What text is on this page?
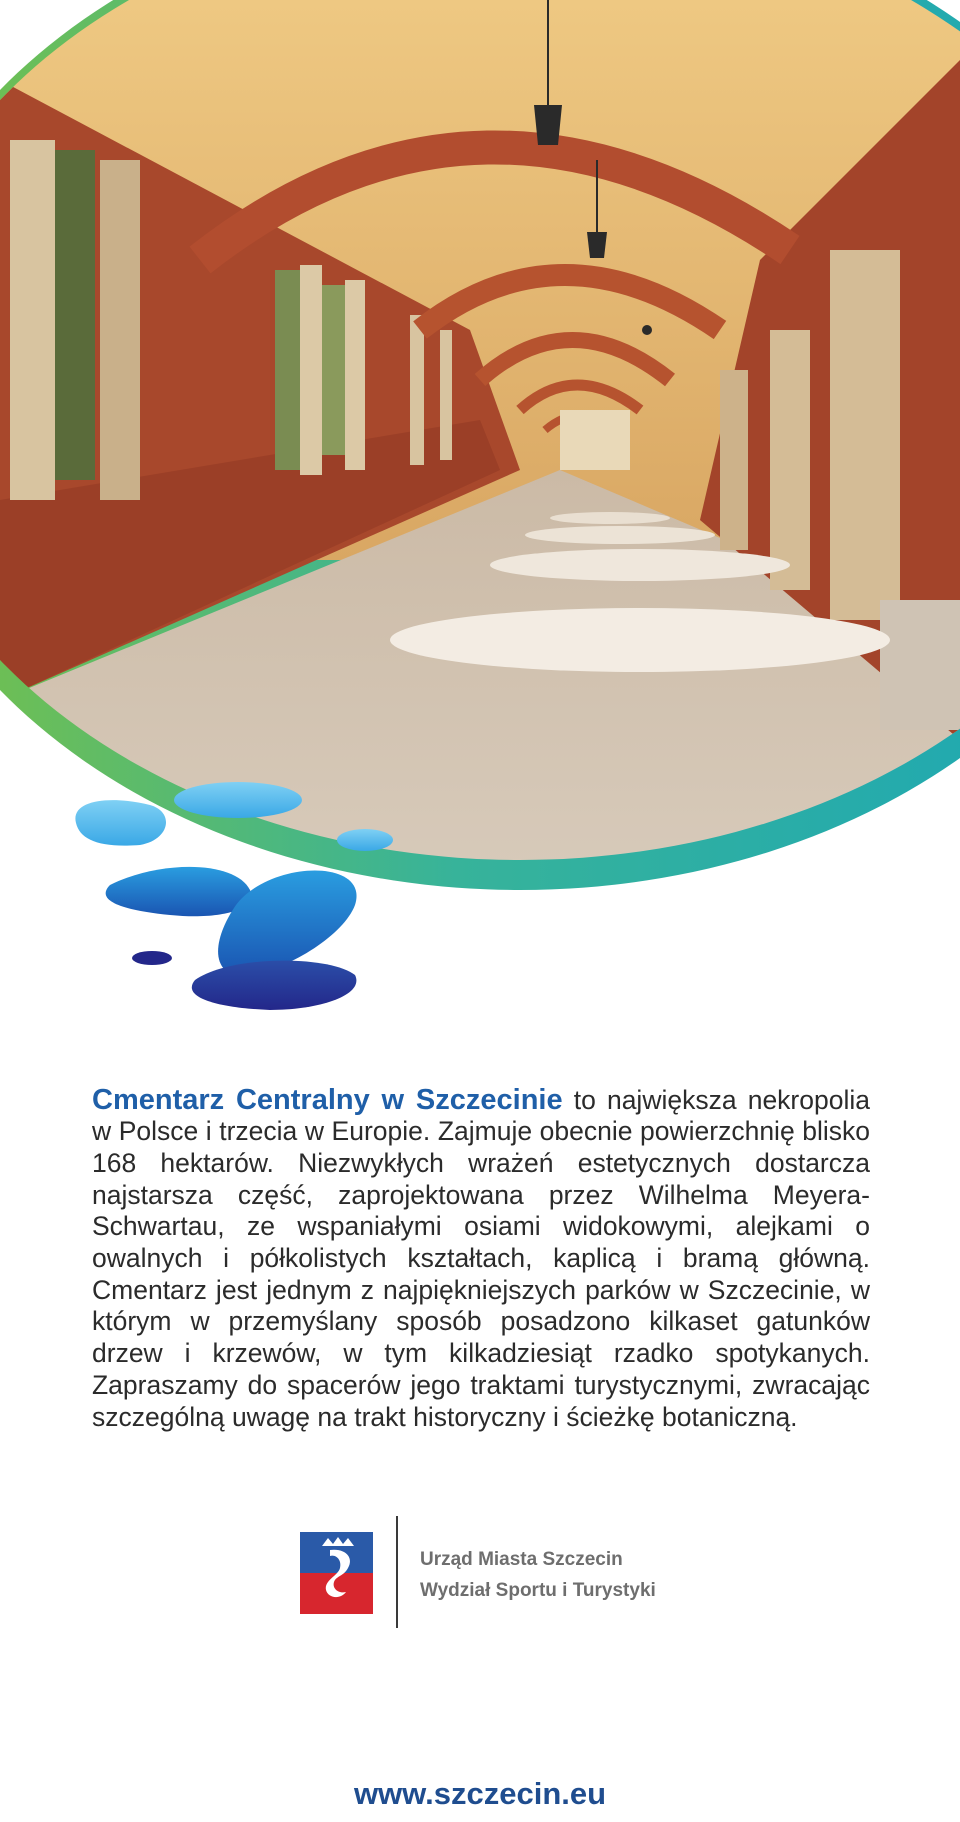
Cmentarz Centralny w Szczecinie to największa nekropolia w Polsce i trzecia w Europie. Zajmuje obecnie powierzchnię blisko 168 hektarów. Niezwykłych wrażeń estetycznych dostarcza najstarsza część, zaprojektowana przez Wilhelma Meyera-Schwartau, ze wspaniałymi osiami widokowymi, alejkami o owalnych i półkolistych kształtach, kaplicą i bramą główną. Cmentarz jest jednym z najpiękniejszych parków w Szczecinie, w którym w przemyślany sposób posadzono kilkaset gatunków drzew i krzewów, w tym kilkadziesiąt rzadko spotykanych. Zapraszamy do spacerów jego traktami turystycznymi, zwracając szczególną uwagę na trakt historyczny i ścieżkę botaniczną.

Urząd Miasta Szczecin
Wydział Sportu i Turystyki
www.szczecin.eu
